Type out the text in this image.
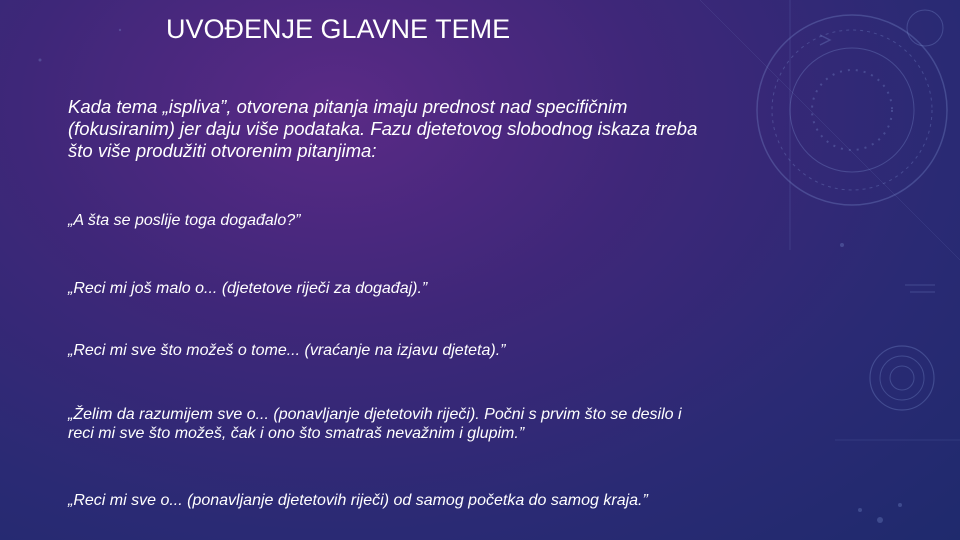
UVOĐENJE GLAVNE TEME

Kada tema „ispliva”, otvorena pitanja imaju prednost nad specifičnim (fokusiranim) jer daju više podataka. Fazu djetetovog slobodnog iskaza treba što više produžiti otvorenim pitanjima:

„A šta se poslije toga događalo?”

„Reci mi još malo o... (djetetove riječi za događaj).”

„Reci mi sve što možeš o tome... (vraćanje na izjavu djeteta).”

„Želim da razumijem sve o... (ponavljanje djetetovih riječi). Počni s prvim što se desilo i reci mi sve što možeš, čak i ono što smatraš nevažnim i glupim.”

„Reci mi sve o... (ponavljanje djetetovih riječi) od samog početka do samog kraja.”
